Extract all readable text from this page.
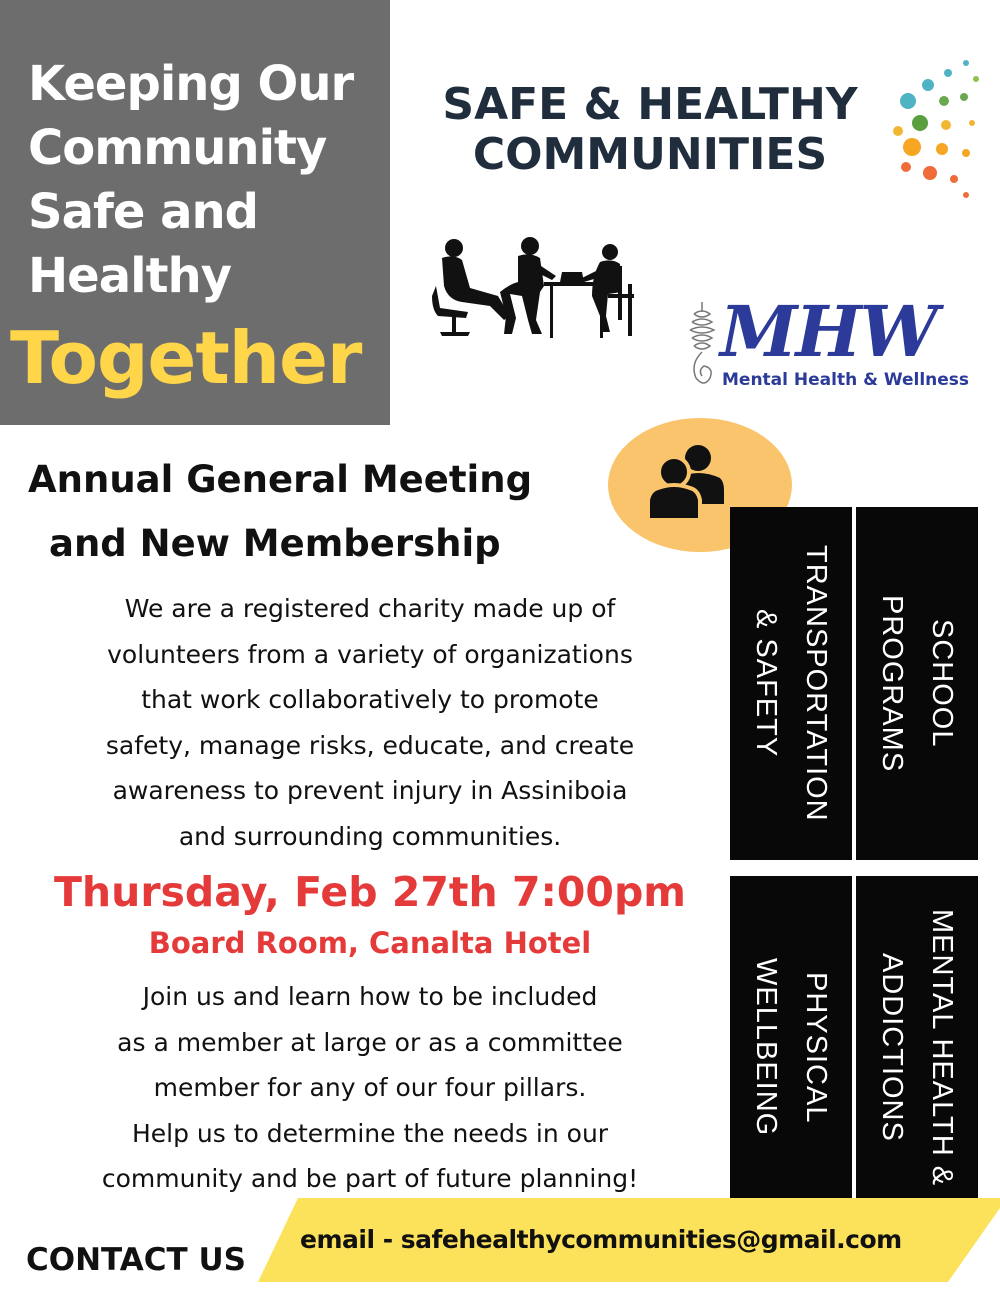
Keeping Our
Community
Safe and
Healthy
Together
SAFE & HEALTHY
COMMUNITIES
MHW
Mental Health & Wellness
Annual General Meeting
and New Membership
We are a registered charity made up of
volunteers from a variety of organizations
that work collaboratively to promote
safety, manage risks, educate, and create
awareness to prevent injury in Assiniboia
and surrounding communities.
Thursday, Feb 27th 7:00pm
Board Room, Canalta Hotel
Join us and learn how to be included
as a member at large or as a committee
member for any of our four pillars.
Help us to determine the needs in our
community and be part of future planning!
TRANSPORTATION
& SAFETY	SCHOOL
PROGRAMS
PHYSICAL
WELLBEING	MENTAL HEALTH &
ADDICTIONS
CONTACT US
email - safehealthycommunities@gmail.com
